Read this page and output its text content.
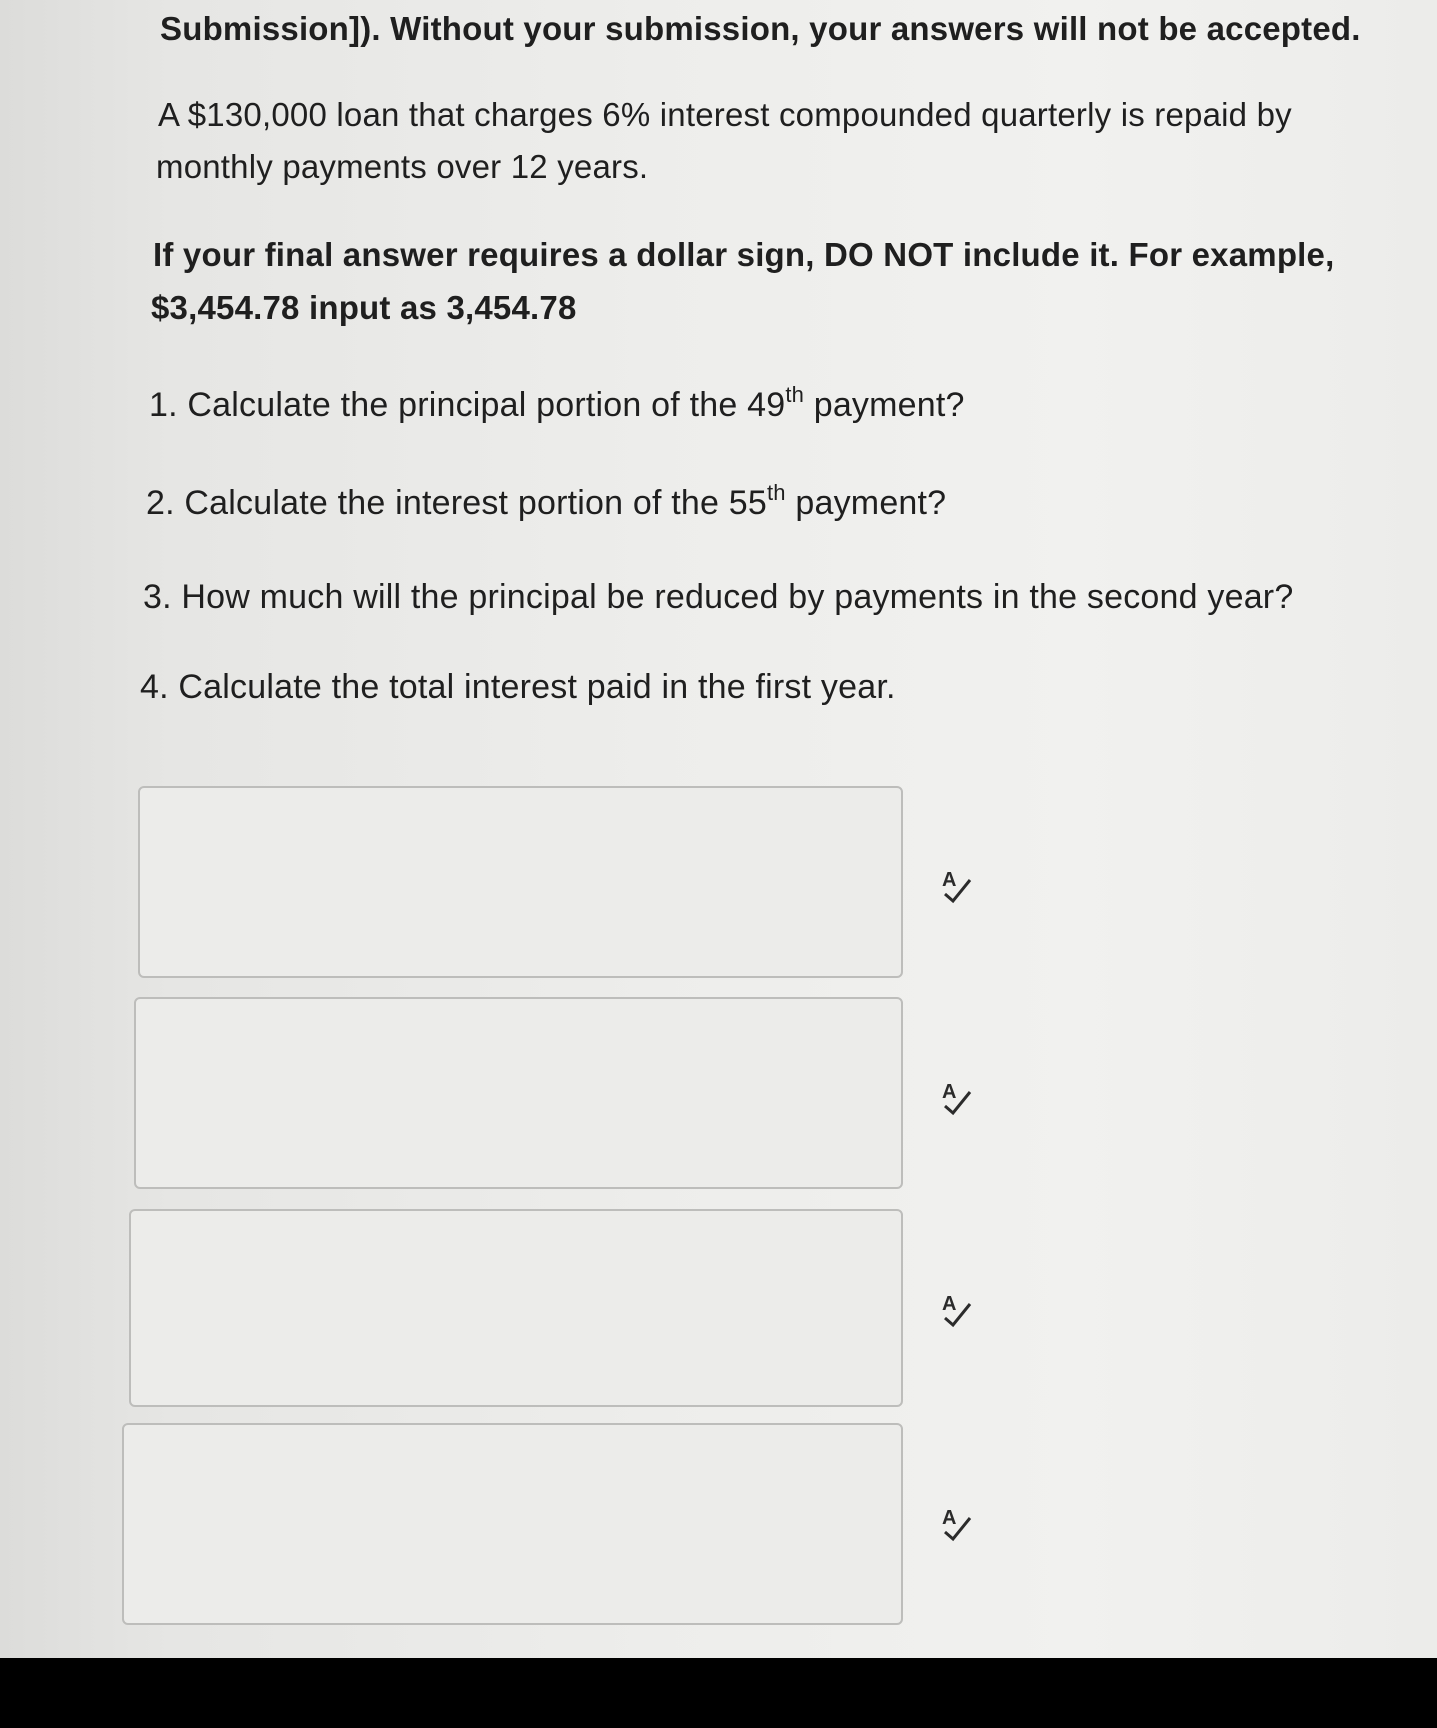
Submission]). Without your submission, your answers will not be accepted.
A $130,000 loan that charges 6% interest compounded quarterly is repaid by
monthly payments over 12 years.
If your final answer requires a dollar sign, DO NOT include it. For example,
$3,454.78 input as 3,454.78
1. Calculate the principal portion of the 49th payment?
2. Calculate the interest portion of the 55th payment?
3. How much will the principal be reduced by payments in the second year?
4. Calculate the total interest paid in the first year.
A
A
A
A
